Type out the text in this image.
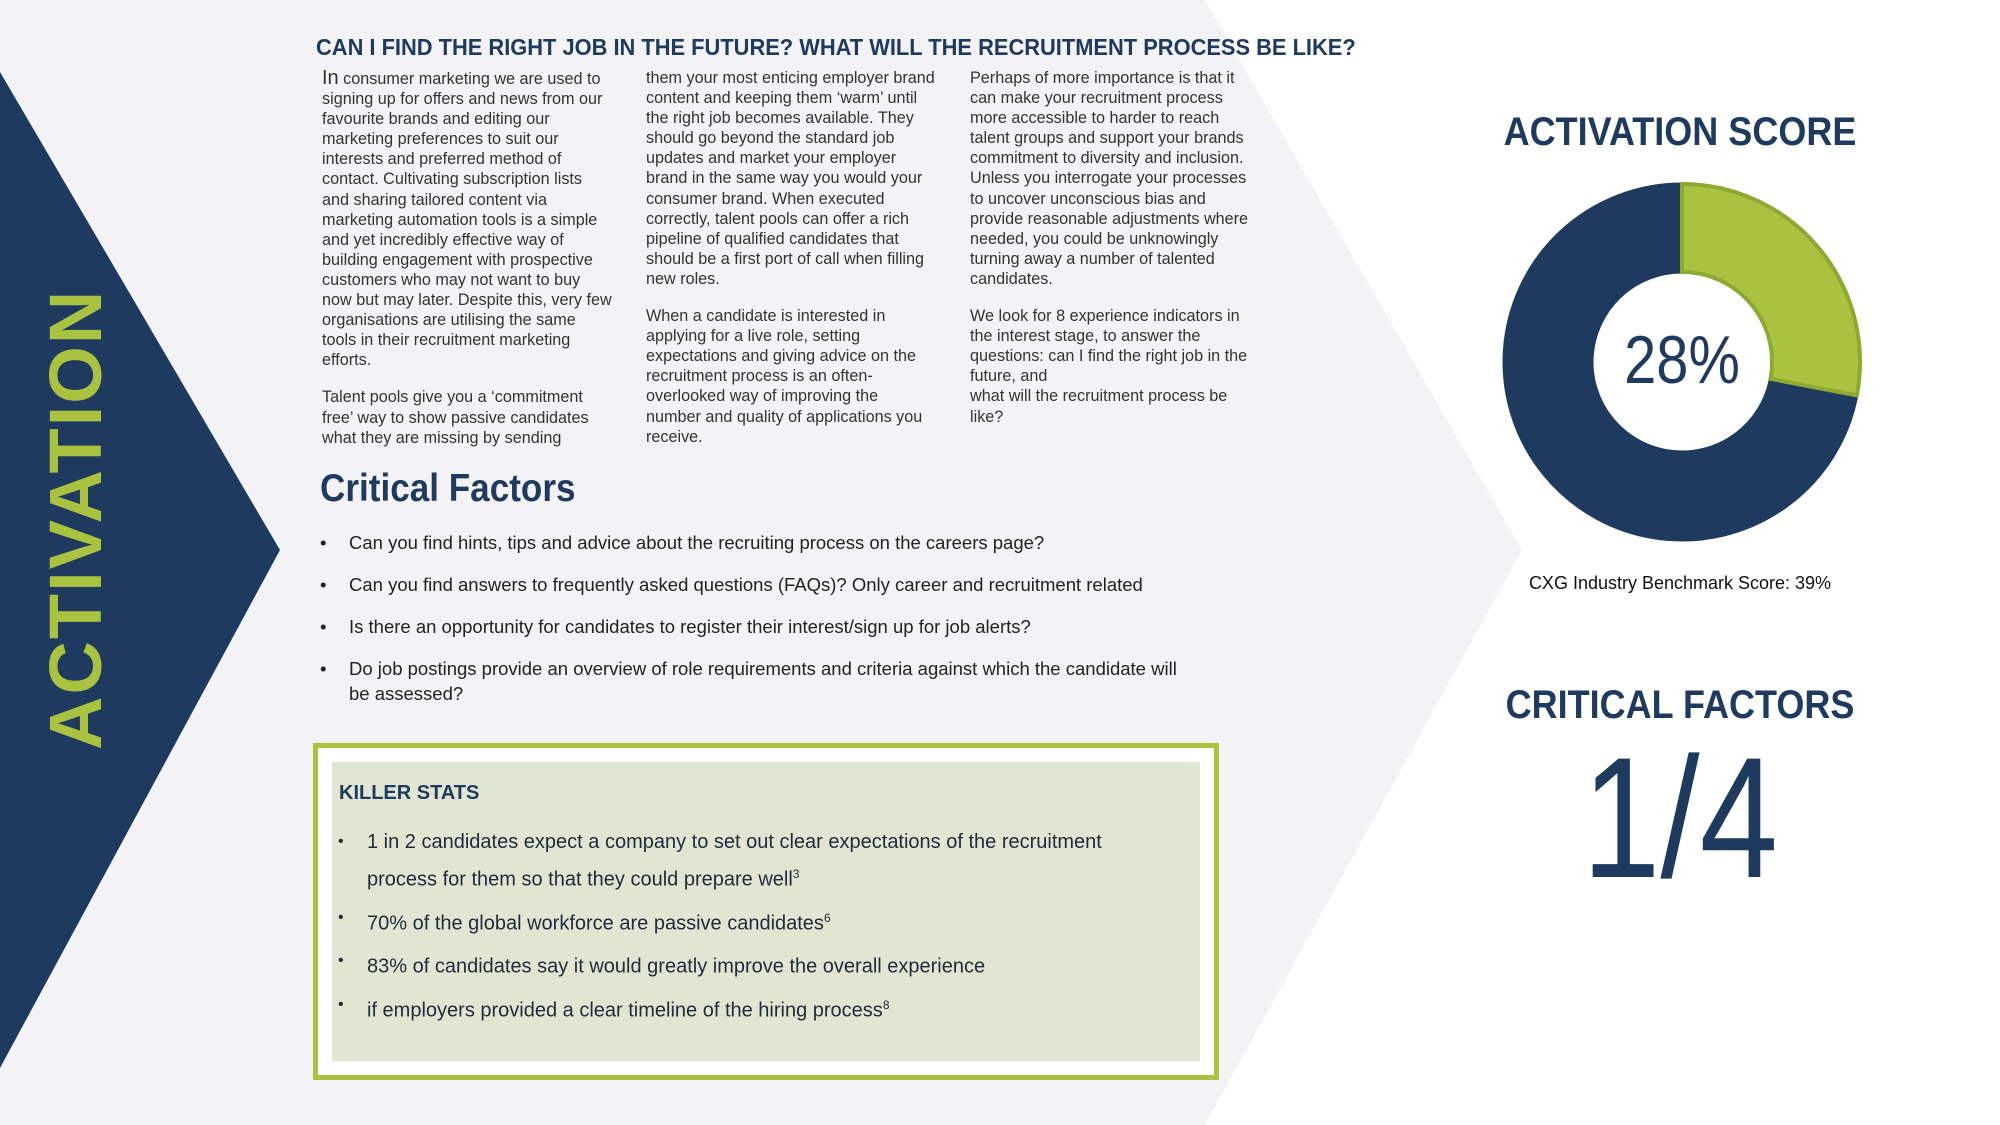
ACTIVATION
CAN I FIND THE RIGHT JOB IN THE FUTURE? WHAT WILL THE RECRUITMENT PROCESS BE LIKE?

In consumer marketing we are used to signing up for offers and news from our favourite brands and editing our marketing preferences to suit our interests and preferred method of contact. Cultivating subscription lists and sharing tailored content via marketing automation tools is a simple and yet incredibly effective way of building engagement with prospective customers who may not want to buy now but may later. Despite this, very few organisations are utilising the same tools in their recruitment marketing efforts.

Talent pools give you a ‘commitment free’ way to show passive candidates what they are missing by sending

them your most enticing employer brand content and keeping them ‘warm’ until the right job becomes available. They should go beyond the standard job updates and market your employer brand in the same way you would your consumer brand. When executed correctly, talent pools can offer a rich pipeline of qualified candidates that should be a first port of call when filling new roles.

When a candidate is interested in applying for a live role, setting expectations and giving advice on the recruitment process is an often-overlooked way of improving the number and quality of applications you receive.

Perhaps of more importance is that it can make your recruitment process more accessible to harder to reach talent groups and support your brands commitment to diversity and inclusion. Unless you interrogate your processes to uncover unconscious bias and provide reasonable adjustments where needed, you could be unknowingly turning away a number of talented candidates.

We look for 8 experience indicators in the interest stage, to answer the questions: can I find the right job in the future, and
what will the recruitment process be like?

Critical Factors
• Can you find hints, tips and advice about the recruiting process on the careers page?
• Can you find answers to frequently asked questions (FAQs)? Only career and recruitment related
• Is there an opportunity for candidates to register their interest/sign up for job alerts?
• Do job postings provide an overview of role requirements and criteria against which the candidate will be assessed?
KILLER STATS
• 1 in 2 candidates expect a company to set out clear expectations of the recruitment process for them so that they could prepare well$^3$
• 70% of the global workforce are passive candidates$^6$
• 83% of candidates say it would greatly improve the overall experience
• if employers provided a clear timeline of the hiring process$^8$
ACTIVATION SCORE
28%
CXG Industry Benchmark Score: 39%
CRITICAL FACTORS
1/4
